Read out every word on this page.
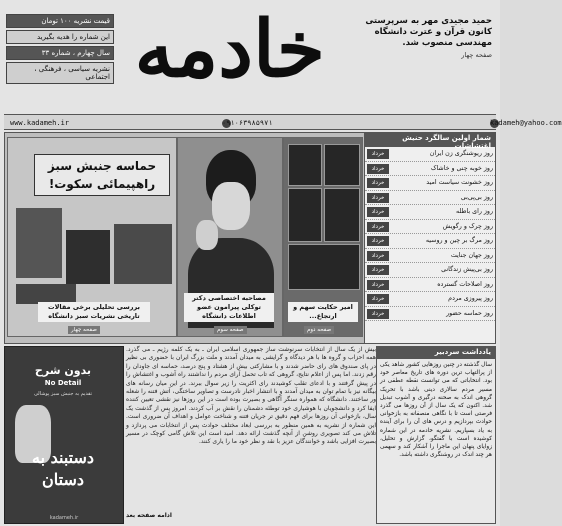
قیمت نشریه ۱۰۰ تومان
این شماره را هدیه بگیرید
سال چهارم ، شماره ۳۳
نشریه سیاسی ، فرهنگی ، اجتماعی خادمه	حمید مجیدی مهر به سرپرستی کانون قرآن و عترت دانشگاه مهندسی منصوب شد.
صفحه چهار
www.kadameh.ir	۰۹۱۰۶۳۹۸۵۹۷۱	kadameh@yahoo.com
حماسه جنبش سبز راهپیمائی سکوت!
بررسی تحلیلی برخی مقالات تاریخی نشریات سبز دانشگاه
صفحه چهار
مصاحبه اختصاصی دکتر توکلی پیرامون عضو اطلاعات دانشگاه
صفحه سوم
امیر حکایت سهم و ارتجاع...
صفحه دوم
شمار اولین سالگرد حنیش اغتشاشات
خرداد	روز ریوشنگری زن ایران
خرداد	روز خوبه چنی و خاشاک
خرداد	روز خشونت سیاست امید
خرداد	روز بی‌پی‌بی
خرداد	روز رای باطله
خرداد	روز چرک و رگویش
خرداد	روز مرگ بر چین و روسیه
خرداد	روز جهان جنایت
خرداد	روز بی‌پیش زندگانی
خرداد	روز اصلاحات گسترده
خرداد	روز پیروزی مردم
خرداد	روز حماسه حضور
بدون شرح
No Detail
تقدیم به جنبش سبز پوشالی
دستبند به دستان
kadameh.ir

بیش از یک سال از انتخابات سرنوشت ساز جمهوری اسلامی ایران ـ به یک کلمه رژیم ـ می گذرد. همه احزاب و گروه ها با هر دیدگاه و گرایشی به میدان آمدند و ملت بزرگ ایران با حضوری بی نظیر در پای صندوق های رای حاضر شدند و با مشارکتی بیش از هشتاد و پنج درصد، حماسه ای جاودان را رقم زدند. اما پس از اعلام نتایج، گروهی که تاب تحمل آرای مردم را نداشتند راه آشوب و اغتشاش را در پیش گرفتند و با ادعای تقلب کوشیدند رای اکثریت را زیر سوال ببرند. در این میان رسانه های بیگانه نیز با تمام توان به میدان آمدند و با انتشار اخبار نادرست و تصاویر ساختگی، آتش فتنه را شعله ور ساختند. دانشگاه که همواره سنگر آگاهی و بصیرت بوده است در این روزها نیز نقشی تعیین کننده ایفا کرد و دانشجویان با هوشیاری خود توطئه دشمنان را نقش بر آب کردند. امروز پس از گذشت یک سال، بازخوانی آن روزها برای فهم دقیق تر جریان فتنه و شناخت عوامل و اهداف آن ضروری است. این شماره از نشریه به همین منظور به بررسی ابعاد مختلف حوادث پس از انتخابات می پردازد و تلاش می کند تصویری روشن از آنچه گذشت ارائه دهد. امید است این تلاش گامی کوچک در مسیر بصیرت افزایی باشد و خوانندگان عزیز با نقد و نظر خود ما را یاری کنند.

ادامه صفحه بعد
یادداشت سردبیر
سال گذشته در چنین روزهایی کشور شاهد یکی از پرالتهاب ترین دوره های تاریخ معاصر خود بود. انتخاباتی که می توانست نقطه عطفی در مسیر مردم سالاری دینی باشد با تحریک گروهی اندک به صحنه درگیری و آشوب تبدیل شد. اکنون که یک سال از آن روزها می گذرد فرصتی است تا با نگاهی منصفانه به بازخوانی حوادث بپردازیم و درس های آن را برای آینده به یاد بسپاریم. نشریه خادمه در این شماره کوشیده است با گفتگو، گزارش و تحلیل، زوایای پنهان این ماجرا را آشکار کند و سهمی هر چند اندک در روشنگری داشته باشد.
